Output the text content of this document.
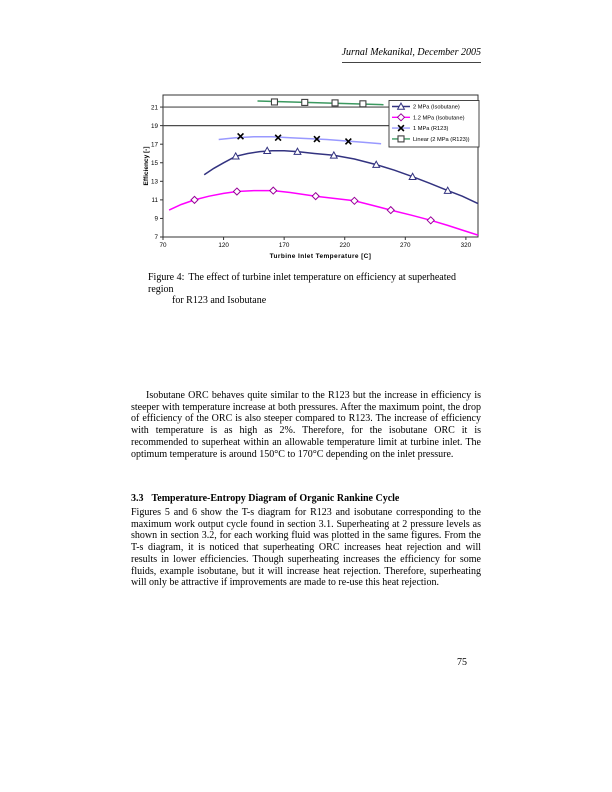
Jurnal Mekanikal, December 2005
70	120	170	220	270	320
Turbine Inlet Temperature [C]
7
9
11
13
15
17
19
21
Efficiency [-]
2 MPa (Isobutane)
1.2 MPa (Isobutane)
1 MPa (R123)
Linear (2 MPa (R123))
Figure 4: The effect of turbine inlet temperature on efficiency at superheated region
for R123 and Isobutane

Isobutane ORC behaves quite similar to the R123 but the increase in efficiency is steeper with temperature increase at both pressures. After the maximum point, the drop of efficiency of the ORC is also steeper compared to R123. The increase of efficiency with temperature is as high as 2%. Therefore, for the isobutane ORC it is recommended to superheat within an allowable temperature limit at turbine inlet. The optimum temperature is around 150°C to 170°C depending on the inlet pressure.

3.3 Temperature-Entropy Diagram of Organic Rankine Cycle

Figures 5 and 6 show the T-s diagram for R123 and isobutane corresponding to the maximum work output cycle found in section 3.1. Superheating at 2 pressure levels as shown in section 3.2, for each working fluid was plotted in the same figures. From the T-s diagram, it is noticed that superheating ORC increases heat rejection and will results in lower efficiencies. Though superheating increases the efficiency for some fluids, example isobutane, but it will increase heat rejection. Therefore, superheating will only be attractive if improvements are made to re-use this heat rejection.

75
